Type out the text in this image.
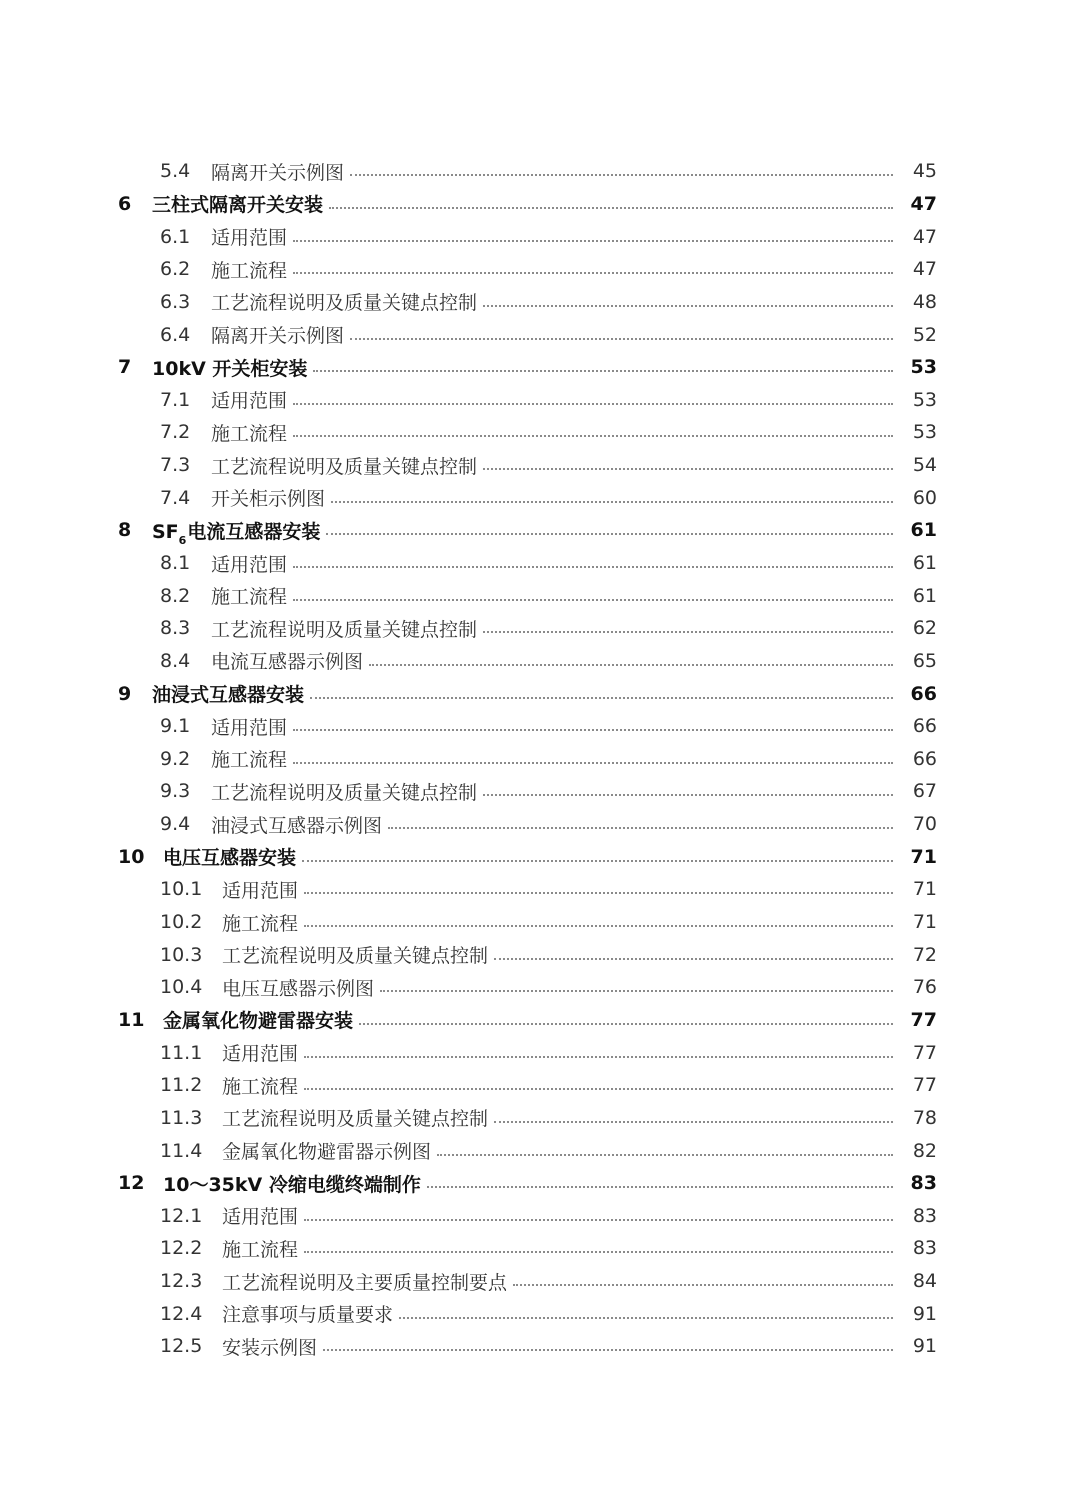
5.4	隔离开关示例图	45
6	三柱式隔离开关安装	47
6.1	适用范围	47
6.2	施工流程	47
6.3	工艺流程说明及质量关键点控制	48
6.4	隔离开关示例图	52
7	10kV 开关柜安装	53
7.1	适用范围	53
7.2	施工流程	53
7.3	工艺流程说明及质量关键点控制	54
7.4	开关柜示例图	60
8	$SF_6$电流互感器安装	61
8.1	适用范围	61
8.2	施工流程	61
8.3	工艺流程说明及质量关键点控制	62
8.4	电流互感器示例图	65
9	油浸式互感器安装	66
9.1	适用范围	66
9.2	施工流程	66
9.3	工艺流程说明及质量关键点控制	67
9.4	油浸式互感器示例图	70
10 电压互感器安装	71
10.1	适用范围	71
10.2	施工流程	71
10.3	工艺流程说明及质量关键点控制	72
10.4	电压互感器示例图	76
11 金属氧化物避雷器安装	77
11.1	适用范围	77
11.2	施工流程	77
11.3	工艺流程说明及质量关键点控制	78
11.4	金属氧化物避雷器示例图	82
12 10～35kV 冷缩电缆终端制作	83
12.1	适用范围	83
12.2	施工流程	83
12.3	工艺流程说明及主要质量控制要点	84
12.4	注意事项与质量要求	91
12.5	安装示例图	91
